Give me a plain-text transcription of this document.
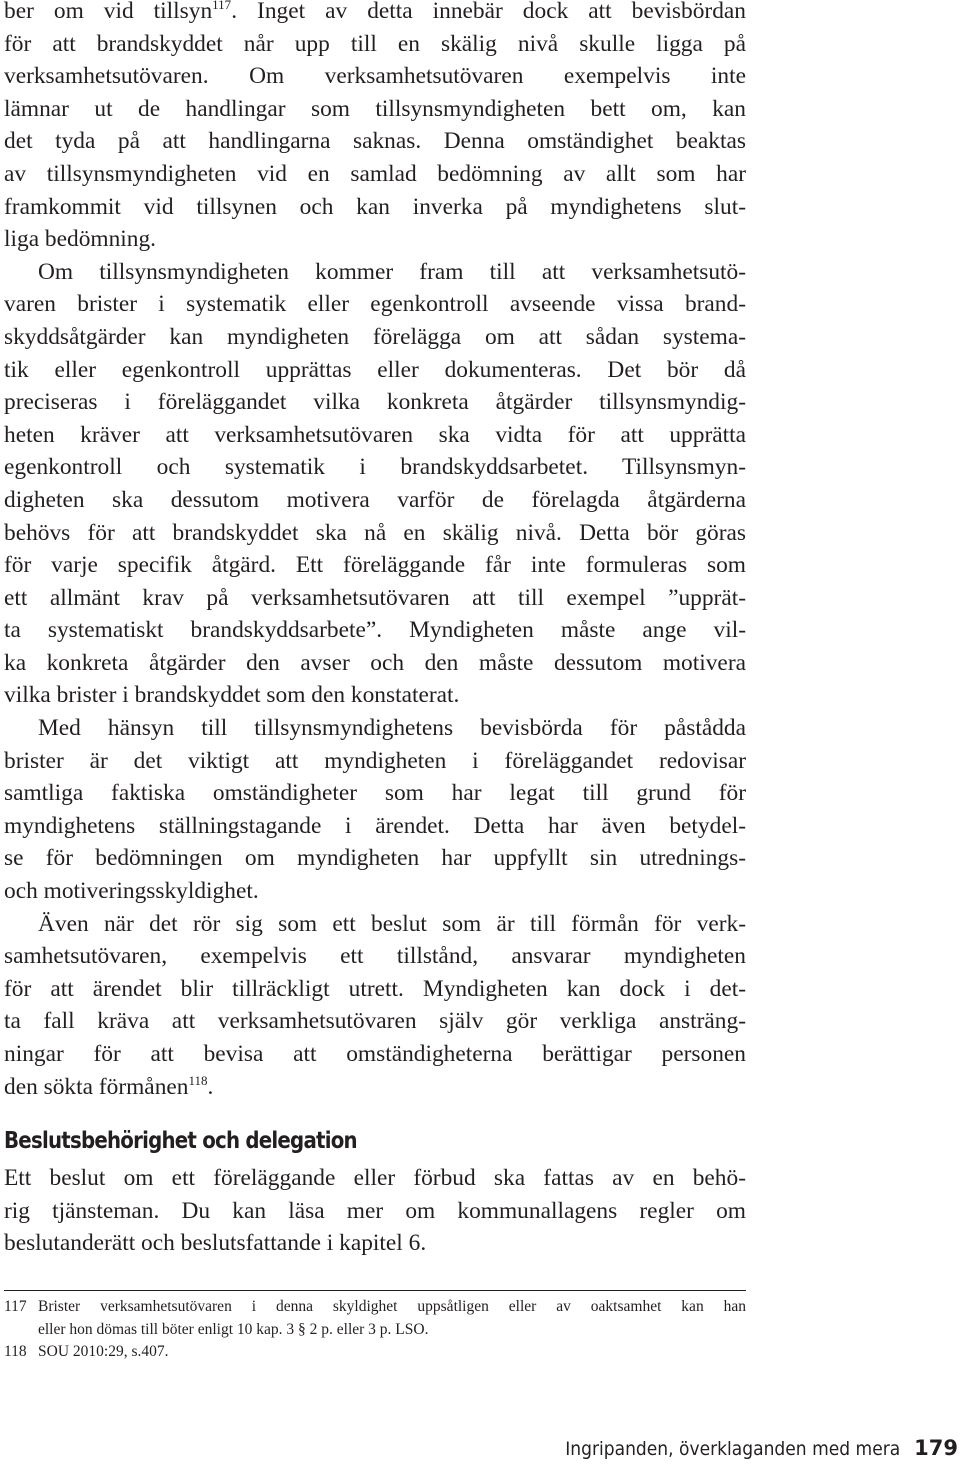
ber om vid tillsyn$^{117}$. Inget av detta innebär dock att bevisbördan
för att brandskyddet når upp till en skälig nivå skulle ligga på
verksamhetsutövaren. Om verksamhetsutövaren exempelvis inte
lämnar ut de handlingar som tillsynsmyndigheten bett om, kan
det tyda på att handlingarna saknas. Denna omständighet beaktas
av tillsynsmyndigheten vid en samlad bedömning av allt som har
framkommit vid tillsynen och kan inverka på myndighetens slut-
liga bedömning.
Om tillsynsmyndigheten kommer fram till att verksamhetsutö-
varen brister i systematik eller egenkontroll avseende vissa brand-
skyddsåtgärder kan myndigheten förelägga om att sådan systema-
tik eller egenkontroll upprättas eller dokumenteras. Det bör då
preciseras i föreläggandet vilka konkreta åtgärder tillsynsmyndig-
heten kräver att verksamhetsutövaren ska vidta för att upprätta
egenkontroll och systematik i brandskyddsarbetet. Tillsynsmyn-
digheten ska dessutom motivera varför de förelagda åtgärderna
behövs för att brandskyddet ska nå en skälig nivå. Detta bör göras
för varje specifik åtgärd. Ett föreläggande får inte formuleras som
ett allmänt krav på verksamhetsutövaren att till exempel ”upprät-
ta systematiskt brandskyddsarbete”. Myndigheten måste ange vil-
ka konkreta åtgärder den avser och den måste dessutom motivera
vilka brister i brandskyddet som den konstaterat.
Med hänsyn till tillsynsmyndighetens bevisbörda för påstådda
brister är det viktigt att myndigheten i föreläggandet redovisar
samtliga faktiska omständigheter som har legat till grund för
myndighetens ställningstagande i ärendet. Detta har även betydel-
se för bedömningen om myndigheten har uppfyllt sin utrednings-
och motiveringsskyldighet.
Även när det rör sig som ett beslut som är till förmån för verk-
samhetsutövaren, exempelvis ett tillstånd, ansvarar myndigheten
för att ärendet blir tillräckligt utrett. Myndigheten kan dock i det-
ta fall kräva att verksamhetsutövaren själv gör verkliga ansträng-
ningar för att bevisa att omständigheterna berättigar personen
den sökta förmånen$^{118}$.
Beslutsbehörighet och delegation
Ett beslut om ett föreläggande eller förbud ska fattas av en behö-
rig tjänsteman. Du kan läsa mer om kommunallagens regler om
beslutanderätt och beslutsfattande i kapitel 6.
117 Brister verksamhetsutövaren i denna skyldighet uppsåtligen eller av oaktsamhet kan han
eller hon dömas till böter enligt 10 kap. 3 § 2 p. eller 3 p. LSO.
118 SOU 2010:29, s.407.
Ingripanden, överklaganden med mera 179
